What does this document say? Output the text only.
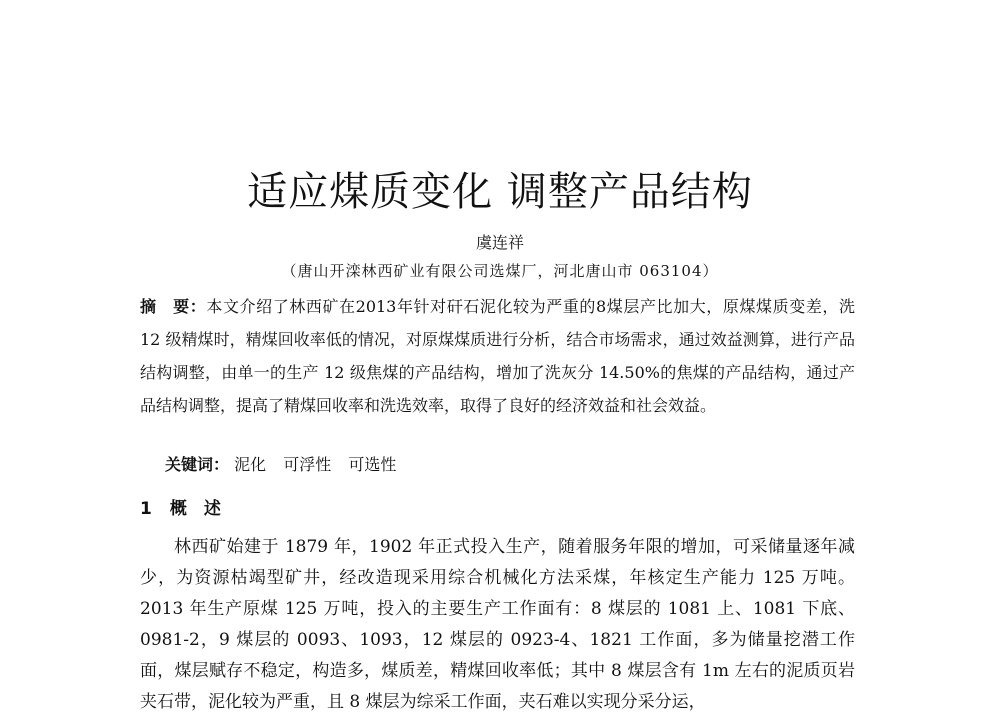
适应煤质变化 调整产品结构
虞连祥
（唐山开滦林西矿业有限公司选煤厂，河北唐山市 063104）
摘　要：本文介绍了林西矿在2013年针对矸石泥化较为严重的8煤层产比加大，原煤煤质变差，洗 12 级精煤时，精煤回收率低的情况，对原煤煤质进行分析，结合市场需求，通过效益测算，进行产品结构调整，由单一的生产 12 级焦煤的产品结构，增加了洗灰分 14.50%的焦煤的产品结构，通过产品结构调整，提高了精煤回收率和洗选效率，取得了良好的经济效益和社会效益。
关键词： 泥化 可浮性 可选性
1 概　述
林西矿始建于 1879 年，1902 年正式投入生产，随着服务年限的增加，可采储量逐年减少，为资源枯竭型矿井，经改造现采用综合机械化方法采煤，年核定生产能力 125 万吨。2013 年生产原煤 125 万吨，投入的主要生产工作面有：8 煤层的 1081 上、1081 下底、0981-2，9 煤层的 0093、1093，12 煤层的 0923-4、1821 工作面，多为储量挖潜工作面，煤层赋存不稳定，构造多，煤质差，精煤回收率低；其中 8 煤层含有 1m 左右的泥质页岩夹石带，泥化较为严重，且 8 煤层为综采工作面，夹石难以实现分采分运，
